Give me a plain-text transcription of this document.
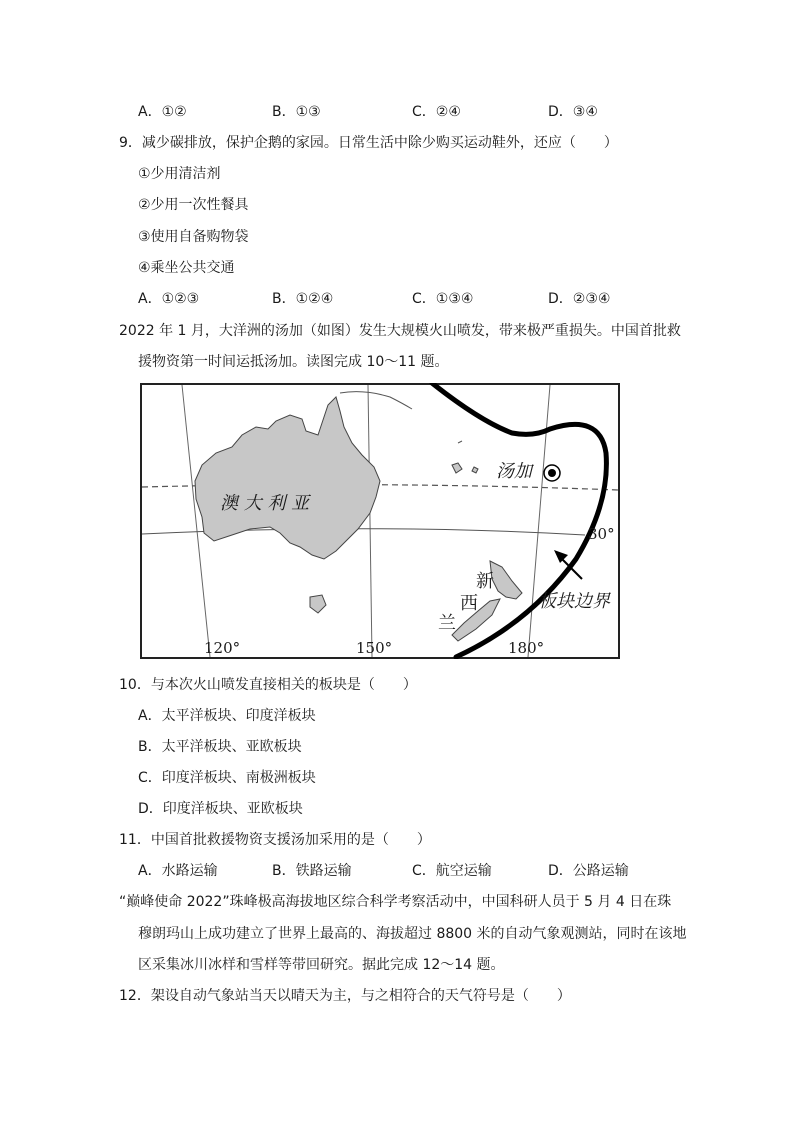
A．①②	B．①③	C．②④	D．③④
9．减少碳排放，保护企鹅的家园。日常生活中除少购买运动鞋外，还应（　　）
①少用清洁剂
②少用一次性餐具
③使用自备购物袋
④乘坐公共交通
A．①②③	B．①②④	C．①③④	D．②③④
2022 年 1 月，大洋洲的汤加（如图）发生大规模火山喷发，带来极严重损失。中国首批救
援物资第一时间运抵汤加。读图完成 10～11 题。
澳 大 利 亚
汤加
新
西
兰
板块边界
30°
120°	150°	180°
10．与本次火山喷发直接相关的板块是（　　）
A．太平洋板块、印度洋板块
B．太平洋板块、亚欧板块
C．印度洋板块、南极洲板块
D．印度洋板块、亚欧板块
11．中国首批救援物资支援汤加采用的是（　　）
A．水路运输	B．铁路运输	C．航空运输	D．公路运输
“巅峰使命 2022”珠峰极高海拔地区综合科学考察活动中，中国科研人员于 5 月 4 日在珠
穆朗玛山上成功建立了世界上最高的、海拔超过 8800 米的自动气象观测站，同时在该地
区采集冰川冰样和雪样等带回研究。据此完成 12～14 题。
12．架设自动气象站当天以晴天为主，与之相符合的天气符号是（　　）
